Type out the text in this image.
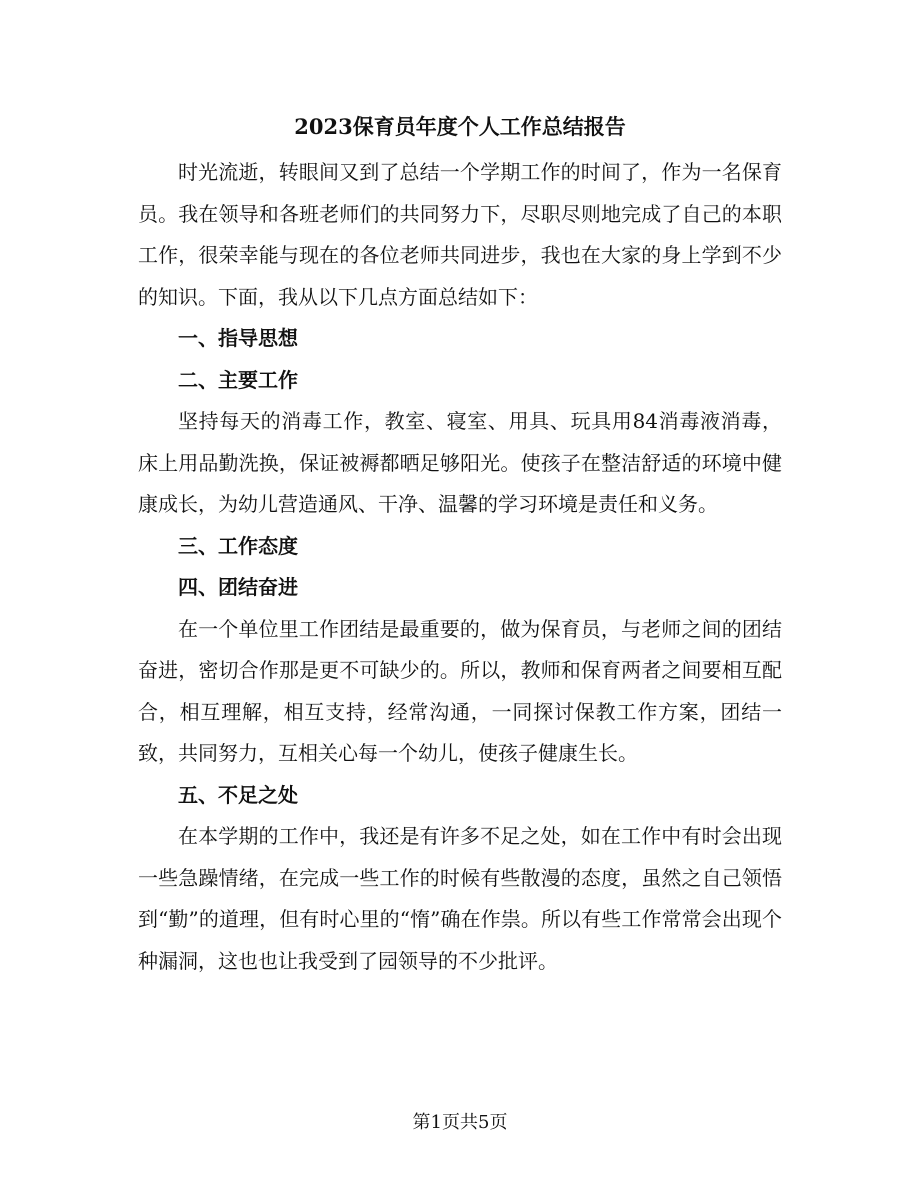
2023保育员年度个人工作总结报告

时光流逝，转眼间又到了总结一个学期工作的时间了，作为一名保育员。我在领导和各班老师们的共同努力下，尽职尽则地完成了自己的本职工作，很荣幸能与现在的各位老师共同进步，我也在大家的身上学到不少的知识。下面，我从以下几点方面总结如下：

一、指导思想

二、主要工作

坚持每天的消毒工作，教室、寝室、用具、玩具用84消毒液消毒，床上用品勤洗换，保证被褥都晒足够阳光。使孩子在整洁舒适的环境中健康成长，为幼儿营造通风、干净、温馨的学习环境是责任和义务。

三、工作态度

四、团结奋进

在一个单位里工作团结是最重要的，做为保育员，与老师之间的团结奋进，密切合作那是更不可缺少的。所以，教师和保育两者之间要相互配合，相互理解，相互支持，经常沟通，一同探讨保教工作方案，团结一致，共同努力，互相关心每一个幼儿，使孩子健康生长。

五、不足之处

在本学期的工作中，我还是有许多不足之处，如在工作中有时会出现一些急躁情绪，在完成一些工作的时候有些散漫的态度，虽然之自己领悟到“勤”的道理，但有时心里的“惰”确在作祟。所以有些工作常常会出现个种漏洞，这也也让我受到了园领导的不少批评。

第1页共5页
